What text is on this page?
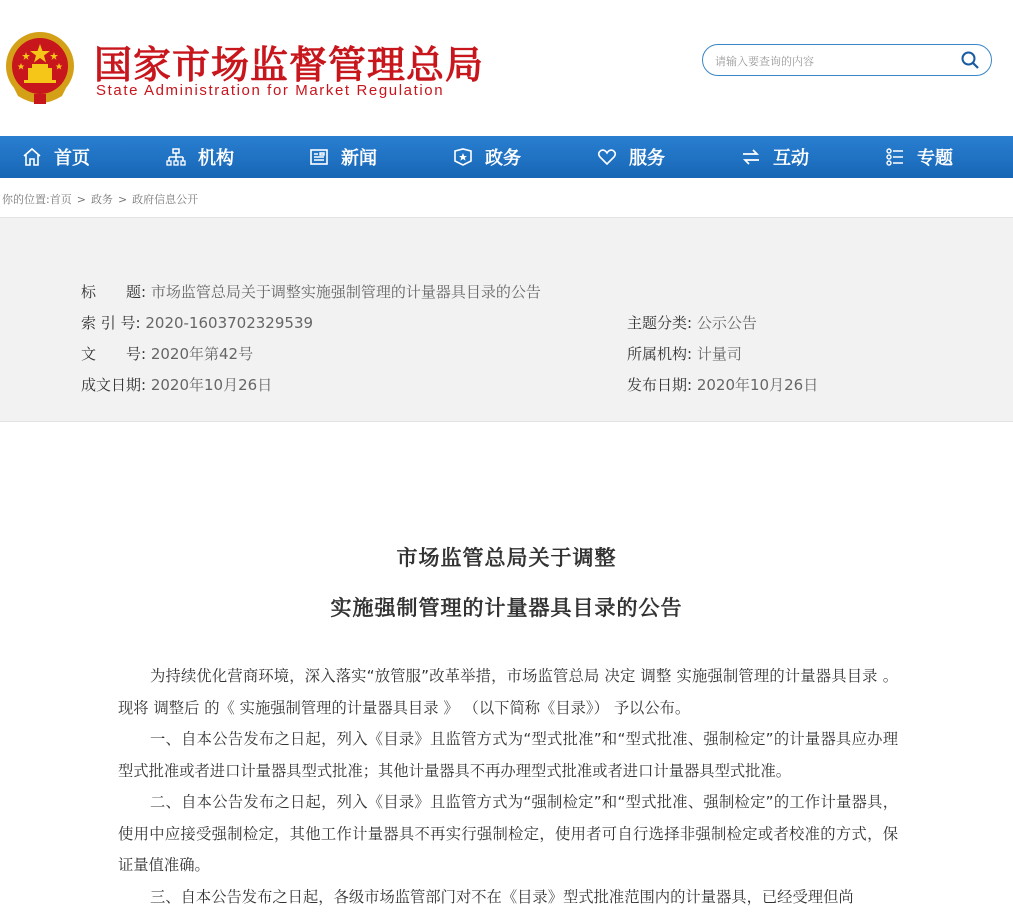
国家市场监督管理总局
State Administration for Market Regulation
请输入要查询的内容
首页	机构	新闻	政务	服务	互动	专题
你的位置:首页 > 政务 > 政府信息公开
标　　题: 市场监管总局关于调整实施强制管理的计量器具目录的公告
索 引 号: 2020-1603702329539
文　　号: 2020年第42号
成文日期: 2020年10月26日
主题分类: 公示公告
所属机构: 计量司
发布日期: 2020年10月26日
市场监管总局关于调整
实施强制管理的计量器具目录的公告

为持续优化营商环境，深入落实“放管服”改革举措，市场监管总局 决定 调整 实施强制管理的计量器具目录 。 现将 调整后 的《 实施强制管理的计量器具目录 》 （以下简称《目录》） 予以公布。

一、自本公告发布之日起，列入《目录》且监管方式为“型式批准”和“型式批准、强制检定”的计量器具应办理型式批准或者进口计量器具型式批准；其他计量器具不再办理型式批准或者进口计量器具型式批准。

二、自本公告发布之日起，列入《目录》且监管方式为“强制检定”和“型式批准、强制检定”的工作计量器具，使用中应接受强制检定，其他工作计量器具不再实行强制检定，使用者可自行选择非强制检定或者校准的方式，保证量值准确。

三、自本公告发布之日起，各级市场监管部门对不在《目录》型式批准范围内的计量器具，已经受理但尚
